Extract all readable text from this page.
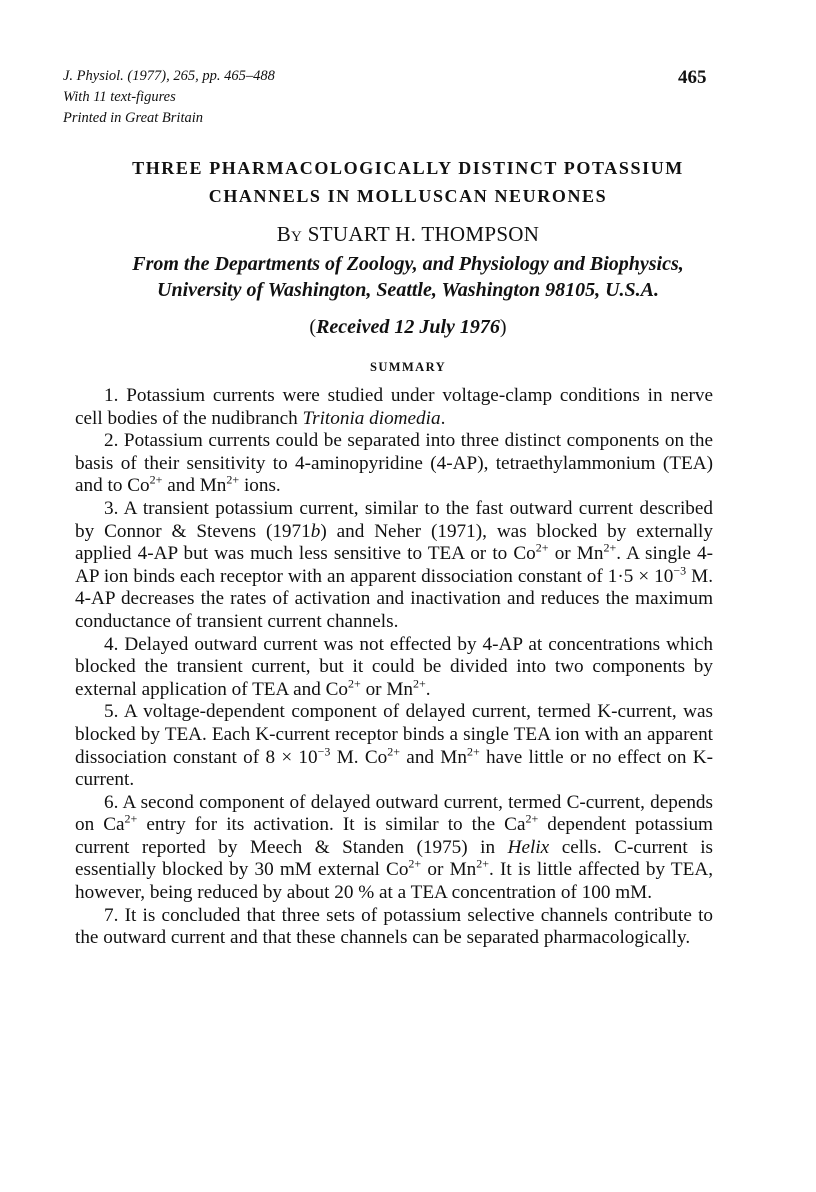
J. Physiol. (1977), 265, pp. 465–488
With 11 text-figures
Printed in Great Britain
465
THREE PHARMACOLOGICALLY DISTINCT POTASSIUM
CHANNELS IN MOLLUSCAN NEURONES
By STUART H. THOMPSON
From the Departments of Zoology, and Physiology and Biophysics,
University of Washington, Seattle, Washington 98105, U.S.A.
(Received 12 July 1976)
SUMMARY

1. Potassium currents were studied under voltage-clamp conditions in nerve cell bodies of the nudibranch Tritonia diomedia.

2. Potassium currents could be separated into three distinct components on the basis of their sensitivity to 4-aminopyridine (4-AP), tetraethylammonium (TEA) and to $Co^{2+}$ and $Mn^{2+}$ ions.

3. A transient potassium current, similar to the fast outward current described by Connor & Stevens (1971b) and Neher (1971), was blocked by externally applied 4-AP but was much less sensitive to TEA or to $Co^{2+}$ or $Mn^{2+}$. A single 4-AP ion binds each receptor with an apparent dissociation constant of $1\cdot 5 \times 10^{-3}$ M. 4-AP decreases the rates of activation and inactivation and reduces the maximum conductance of transient current channels.

4. Delayed outward current was not effected by 4-AP at concentrations which blocked the transient current, but it could be divided into two components by external application of TEA and $Co^{2+}$ or $Mn^{2+}$.

5. A voltage-dependent component of delayed current, termed K-current, was blocked by TEA. Each K-current receptor binds a single TEA ion with an apparent dissociation constant of $8 \times 10^{-3}$ M. $Co^{2+}$ and $Mn^{2+}$ have little or no effect on K-current.

6. A second component of delayed outward current, termed C-current, depends on $Ca^{2+}$ entry for its activation. It is similar to the $Ca^{2+}$ dependent potassium current reported by Meech & Standen (1975) in Helix cells. C-current is essentially blocked by 30 mM external $Co^{2+}$ or $Mn^{2+}$. It is little affected by TEA, however, being reduced by about 20 % at a TEA concentration of 100 mM.

7. It is concluded that three sets of potassium selective channels contribute to the outward current and that these channels can be separated pharmacologically.
